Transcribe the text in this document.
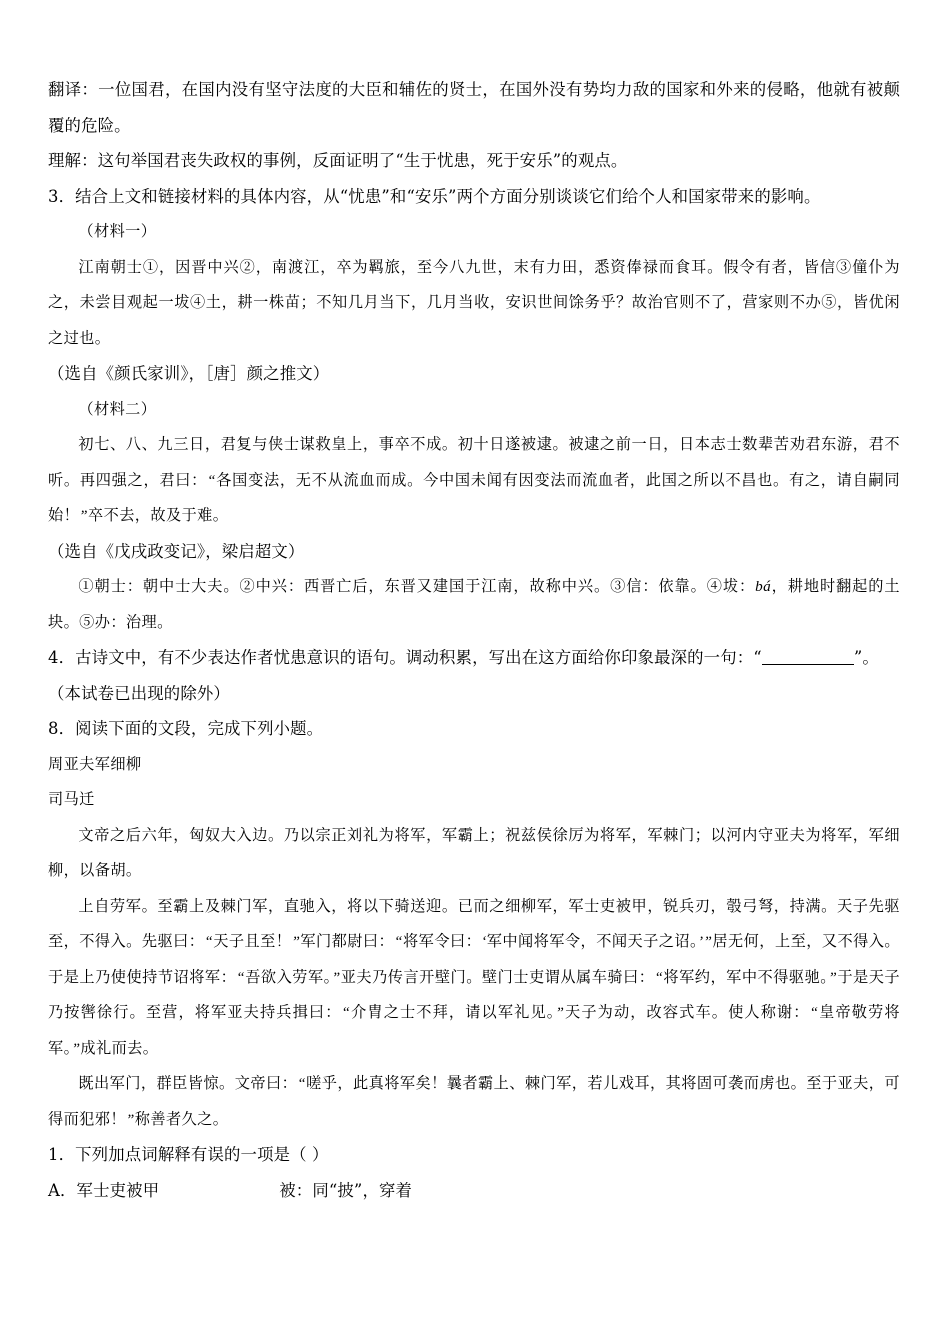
翻译：一位国君，在国内没有坚守法度的大臣和辅佐的贤士，在国外没有势均力敌的国家和外来的侵略，他就有被颠覆的危险。

理解：这句举国君丧失政权的事例，反面证明了“生于忧患，死于安乐”的观点。

3．结合上文和链接材料的具体内容，从“忧患”和“安乐”两个方面分别谈谈它们给个人和国家带来的影响。

（材料一）

江南朝士①，因晋中兴②，南渡江，卒为羁旅，至今八九世，末有力田，悉资俸禄而食耳。假令有者，皆信③僮仆为之，未尝目观起一坺④土，耕一株苗；不知几月当下，几月当收，安识世间馀务乎？故治官则不了，营家则不办⑤，皆优闲之过也。

（选自《颜氏家训》，［唐］颜之推文）

（材料二）

初七、八、九三日，君复与侠士谋救皇上，事卒不成。初十日遂被逮。被逮之前一日，日本志士数辈苦劝君东游，君不听。再四强之，君曰：“各国变法，无不从流血而成。今中国未闻有因变法而流血者，此国之所以不昌也。有之，请自嗣同始！”卒不去，故及于难。

（选自《戊戌政变记》，梁启超文）

①朝士：朝中士大夫。②中兴：西晋亡后，东晋又建国于江南，故称中兴。③信：依靠。④坺：bá，耕地时翻起的土块。⑤办：治理。

4．古诗文中，有不少表达作者忧患意识的语句。调动积累，写出在这方面给你印象最深的一句：“	”。

（本试卷已出现的除外）

8．阅读下面的文段，完成下列小题。

周亚夫军细柳

司马迁

文帝之后六年，匈奴大入边。乃以宗正刘礼为将军，军霸上；祝兹侯徐厉为将军，军棘门；以河内守亚夫为将军，军细柳，以备胡。

上自劳军。至霸上及棘门军，直驰入，将以下骑送迎。已而之细柳军，军士吏被甲，锐兵刃，彀弓弩，持满。天子先驱至，不得入。先驱曰：“天子且至！”军门都尉曰：“将军令曰：‘军中闻将军令，不闻天子之诏。’”居无何，上至，又不得入。于是上乃使使持节诏将军：“吾欲入劳军。”亚夫乃传言开壁门。壁门士吏谓从属车骑曰：“将军约，军中不得驱驰。”于是天子乃按辔徐行。至营，将军亚夫持兵揖曰：“介胄之士不拜，请以军礼见。”天子为动，改容式车。使人称谢：“皇帝敬劳将军。”成礼而去。

既出军门，群臣皆惊。文帝曰：“嗟乎，此真将军矣！曩者霸上、棘门军，若儿戏耳，其将固可袭而虏也。至于亚夫，可得而犯邪！”称善者久之。

1．下列加点词解释有误的一项是（ ）

A．军士吏被甲	被：同“披”，穿着
